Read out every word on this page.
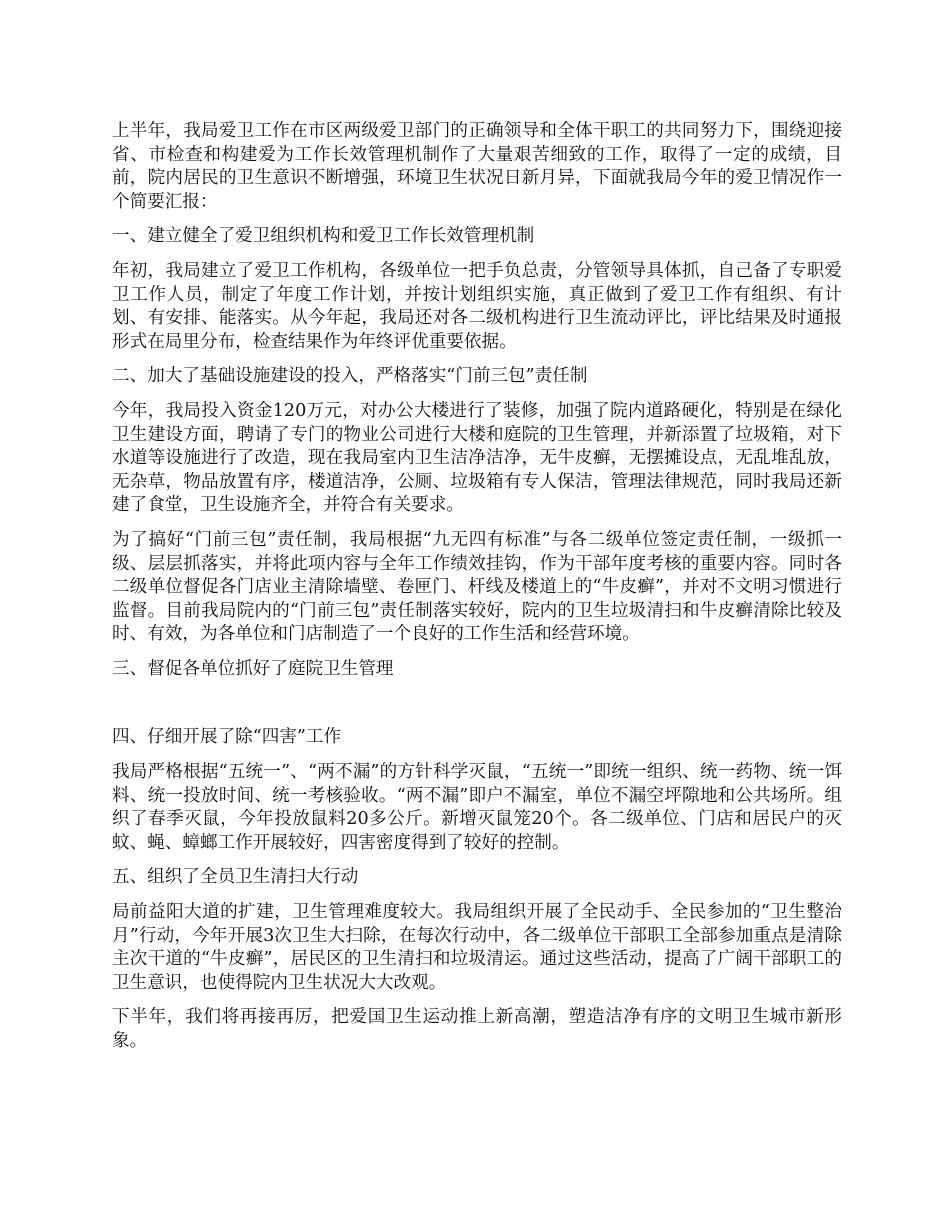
上半年，我局爱卫工作在市区两级爱卫部门的正确领导和全体干职工的共同努力下，围绕迎接省、市检查和构建爱为工作长效管理机制作了大量艰苦细致的工作，取得了一定的成绩，目前，院内居民的卫生意识不断增强，环境卫生状况日新月异，下面就我局今年的爱卫情况作一个简要汇报：

一、建立健全了爱卫组织机构和爱卫工作长效管理机制

年初，我局建立了爱卫工作机构，各级单位一把手负总责，分管领导具体抓，自己备了专职爱卫工作人员，制定了年度工作计划，并按计划组织实施，真正做到了爱卫工作有组织、有计划、有安排、能落实。从今年起，我局还对各二级机构进行卫生流动评比，评比结果及时通报形式在局里分布，检查结果作为年终评优重要依据。

二、加大了基础设施建设的投入，严格落实“门前三包”责任制

今年，我局投入资金120万元，对办公大楼进行了装修，加强了院内道路硬化，特别是在绿化卫生建设方面，聘请了专门的物业公司进行大楼和庭院的卫生管理，并新添置了垃圾箱，对下水道等设施进行了改造，现在我局室内卫生洁净洁净，无牛皮癣，无摆摊设点，无乱堆乱放，无杂草，物品放置有序，楼道洁净，公厕、垃圾箱有专人保洁，管理法律规范，同时我局还新建了食堂，卫生设施齐全，并符合有关要求。

为了搞好“门前三包”责任制，我局根据“九无四有标准”与各二级单位签定责任制，一级抓一级、层层抓落实，并将此项内容与全年工作绩效挂钩，作为干部年度考核的重要内容。同时各二级单位督促各门店业主清除墙壁、卷匣门、杆线及楼道上的“牛皮癣”，并对不文明习惯进行监督。目前我局院内的“门前三包”责任制落实较好，院内的卫生垃圾清扫和牛皮癣清除比较及时、有效，为各单位和门店制造了一个良好的工作生活和经营环境。

三、督促各单位抓好了庭院卫生管理

四、仔细开展了除“四害”工作

我局严格根据“五统一”、“两不漏”的方针科学灭鼠，“五统一”即统一组织、统一药物、统一饵料、统一投放时间、统一考核验收。“两不漏”即户不漏室，单位不漏空坪隙地和公共场所。组织了春季灭鼠，今年投放鼠料20多公斤。新增灭鼠笼20个。各二级单位、门店和居民户的灭蚊、蝇、蟑螂工作开展较好，四害密度得到了较好的控制。

五、组织了全员卫生清扫大行动

局前益阳大道的扩建，卫生管理难度较大。我局组织开展了全民动手、全民参加的“卫生整治月”行动，今年开展3次卫生大扫除，在每次行动中，各二级单位干部职工全部参加重点是清除主次干道的“牛皮癣”，居民区的卫生清扫和垃圾清运。通过这些活动，提高了广阔干部职工的卫生意识，也使得院内卫生状况大大改观。

下半年，我们将再接再厉，把爱国卫生运动推上新高潮，塑造洁净有序的文明卫生城市新形象。
